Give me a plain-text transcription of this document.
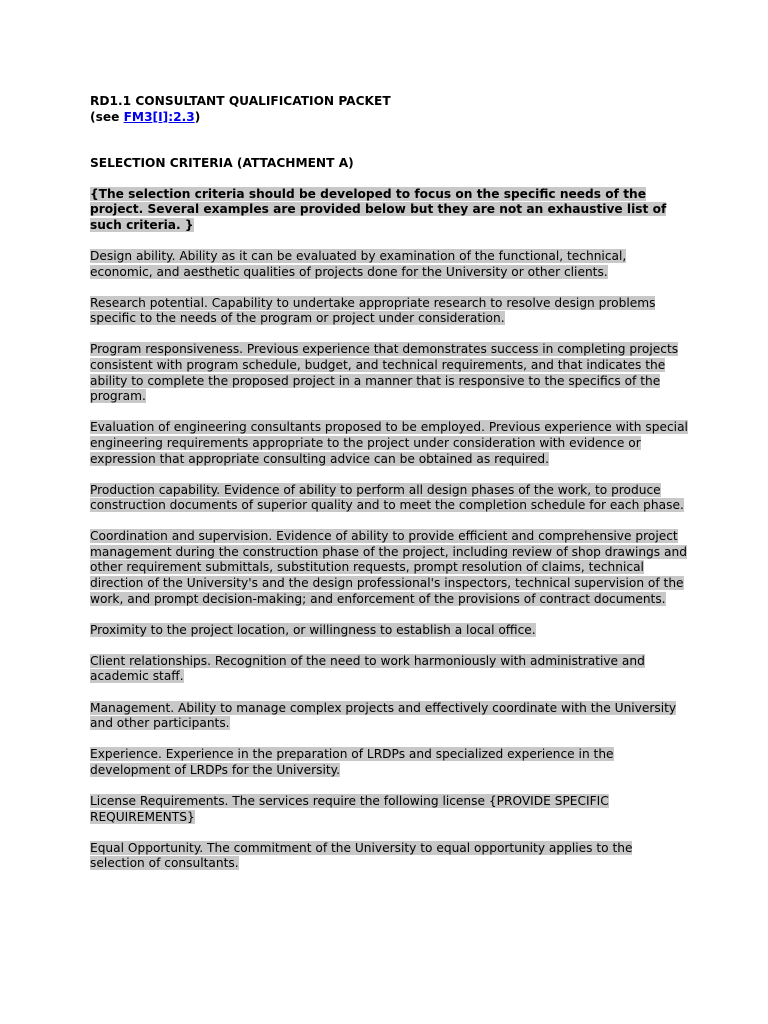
RD1.1 CONSULTANT QUALIFICATION PACKET
(see FM3[I]:2.3)
SELECTION CRITERIA (ATTACHMENT A)

{The selection criteria should be developed to focus on the specific needs of the project. Several examples are provided below but they are not an exhaustive list of such criteria. }

Design ability. Ability as it can be evaluated by examination of the functional, technical, economic, and aesthetic qualities of projects done for the University or other clients.

Research potential. Capability to undertake appropriate research to resolve design problems specific to the needs of the program or project under consideration.

Program responsiveness. Previous experience that demonstrates success in completing projects consistent with program schedule, budget, and technical requirements, and that indicates the ability to complete the proposed project in a manner that is responsive to the specifics of the program.

Evaluation of engineering consultants proposed to be employed. Previous experience with special engineering requirements appropriate to the project under consideration with evidence or expression that appropriate consulting advice can be obtained as required.

Production capability. Evidence of ability to perform all design phases of the work, to produce construction documents of superior quality and to meet the completion schedule for each phase.

Coordination and supervision. Evidence of ability to provide efficient and comprehensive project management during the construction phase of the project, including review of shop drawings and other requirement submittals, substitution requests, prompt resolution of claims, technical direction of the University's and the design professional's inspectors, technical supervision of the work, and prompt decision-making; and enforcement of the provisions of contract documents.

Proximity to the project location, or willingness to establish a local office.

Client relationships. Recognition of the need to work harmoniously with administrative and academic staff.

Management. Ability to manage complex projects and effectively coordinate with the University and other participants.

Experience. Experience in the preparation of LRDPs and specialized experience in the development of LRDPs for the University.

License Requirements. The services require the following license {PROVIDE SPECIFIC REQUIREMENTS}

Equal Opportunity. The commitment of the University to equal opportunity applies to the selection of consultants.
